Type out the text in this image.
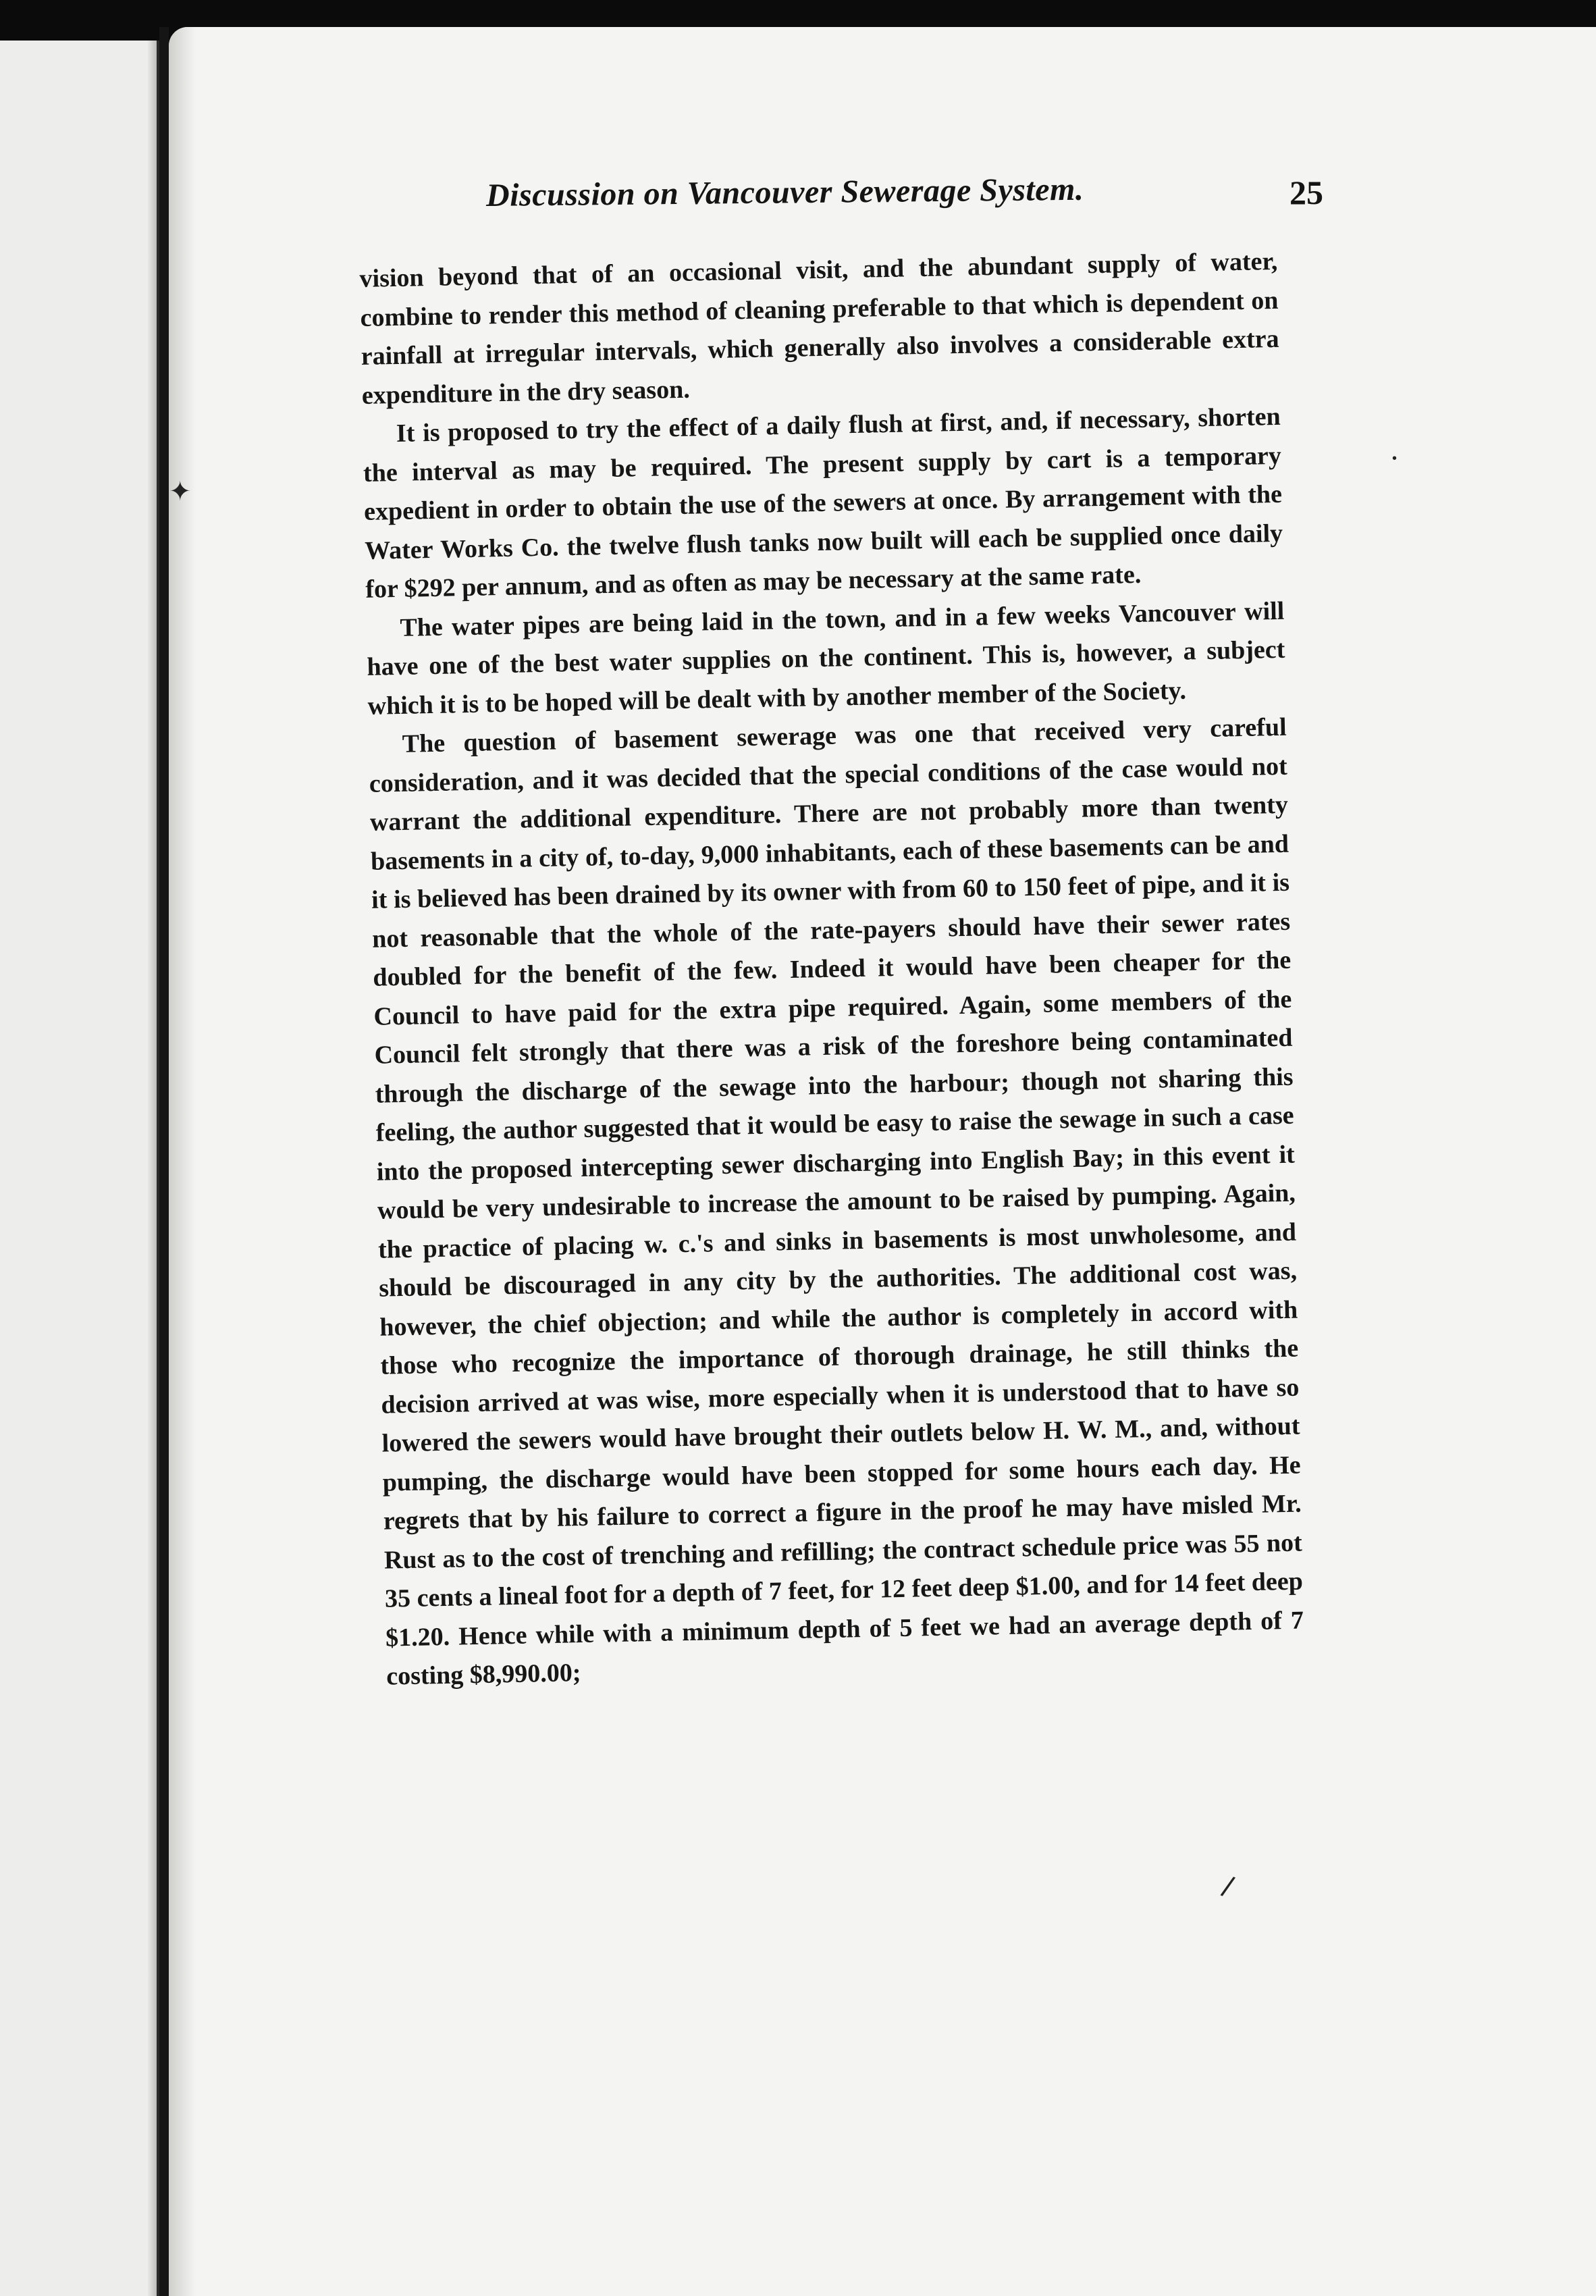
Discussion on Vancouver Sewerage System.	25

vision beyond that of an occasional visit, and the abundant supply of water, combine to render this method of cleaning preferable to that which is dependent on rainfall at irregular intervals, which generally also involves a considerable extra expenditure in the dry season.

It is proposed to try the effect of a daily flush at first, and, if necessary, shorten the interval as may be required. The present supply by cart is a temporary expedient in order to obtain the use of the sewers at once. By arrangement with the Water Works Co. the twelve flush tanks now built will each be supplied once daily for $292 per annum, and as often as may be necessary at the same rate.

The water pipes are being laid in the town, and in a few weeks Vancouver will have one of the best water supplies on the continent. This is, however, a subject which it is to be hoped will be dealt with by another member of the Society.

The question of basement sewerage was one that received very careful consideration, and it was decided that the special conditions of the case would not warrant the additional expenditure. There are not probably more than twenty basements in a city of, to-day, 9,000 inhabitants, each of these basements can be and it is believed has been drained by its owner with from 60 to 150 feet of pipe, and it is not reasonable that the whole of the rate-payers should have their sewer rates doubled for the benefit of the few. Indeed it would have been cheaper for the Council to have paid for the extra pipe required. Again, some members of the Council felt strongly that there was a risk of the foreshore being contaminated through the discharge of the sewage into the harbour; though not sharing this feeling, the author suggested that it would be easy to raise the sewage in such a case into the proposed intercepting sewer discharging into English Bay; in this event it would be very undesirable to increase the amount to be raised by pumping. Again, the practice of placing w. c.'s and sinks in basements is most unwholesome, and should be discouraged in any city by the authorities. The additional cost was, however, the chief objection; and while the author is completely in accord with those who recognize the importance of thorough drainage, he still thinks the decision arrived at was wise, more especially when it is understood that to have so lowered the sewers would have brought their outlets below H. W. M., and, without pumping, the discharge would have been stopped for some hours each day. He regrets that by his failure to correct a figure in the proof he may have misled Mr. Rust as to the cost of trenching and refilling; the contract schedule price was 55 not 35 cents a lineal foot for a depth of 7 feet, for 12 feet deep $1.00, and for 14 feet deep $1.20. Hence while with a minimum depth of 5 feet we had an average depth of 7 costing $8,990.00;

✦
•
/
